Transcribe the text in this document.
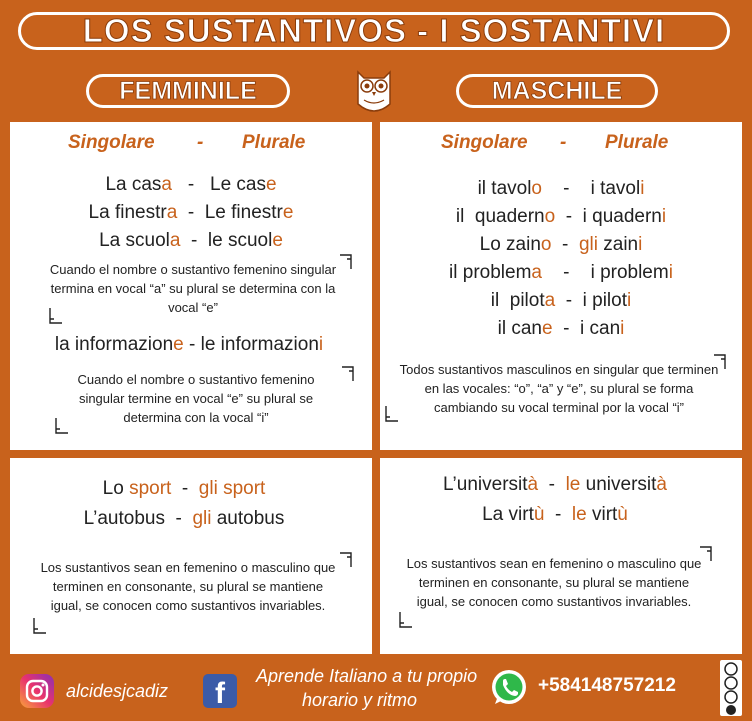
LOS SUSTANTIVOS - I SOSTANTIVI
FEMMINILE	MASCHILE
Singolare - Plurale
La casa   -   Le case
La finestra  -  Le finestre
La scuola  -  le scuole
Cuando el nombre o sustantivo femenino singular termina en vocal “a” su plural se determina con la vocal “e”
la informazione - le informazioni
Cuando el nombre o sustantivo femenino singular termine en vocal “e” su plural se determina con la vocal “i”
Singolare - Plurale
il tavolo    -    i tavoli
il  quaderno  -  i quaderni
Lo zaino  -  gli zaini
il problema    -    i problemi
il  pilota  -  i piloti
il cane  -  i cani
Todos sustantivos masculinos en singular que terminen en las vocales: “o”, “a” y “e”, su plural se forma cambiando su vocal terminal por la vocal “i”
Lo sport  -  gli sport
L’autobus  -  gli autobus
Los sustantivos sean en femenino o masculino que terminen en consonante, su plural se mantiene igual, se conocen como sustantivos invariables.
L’università  -  le università
La virtù  -  le virtù
Los sustantivos sean en femenino o masculino que terminen en consonante, su plural se mantiene igual, se conocen como sustantivos invariables.
alcidesjcadiz	f
Aprende Italiano a tu propio
horario y ritmo
+584148757212
